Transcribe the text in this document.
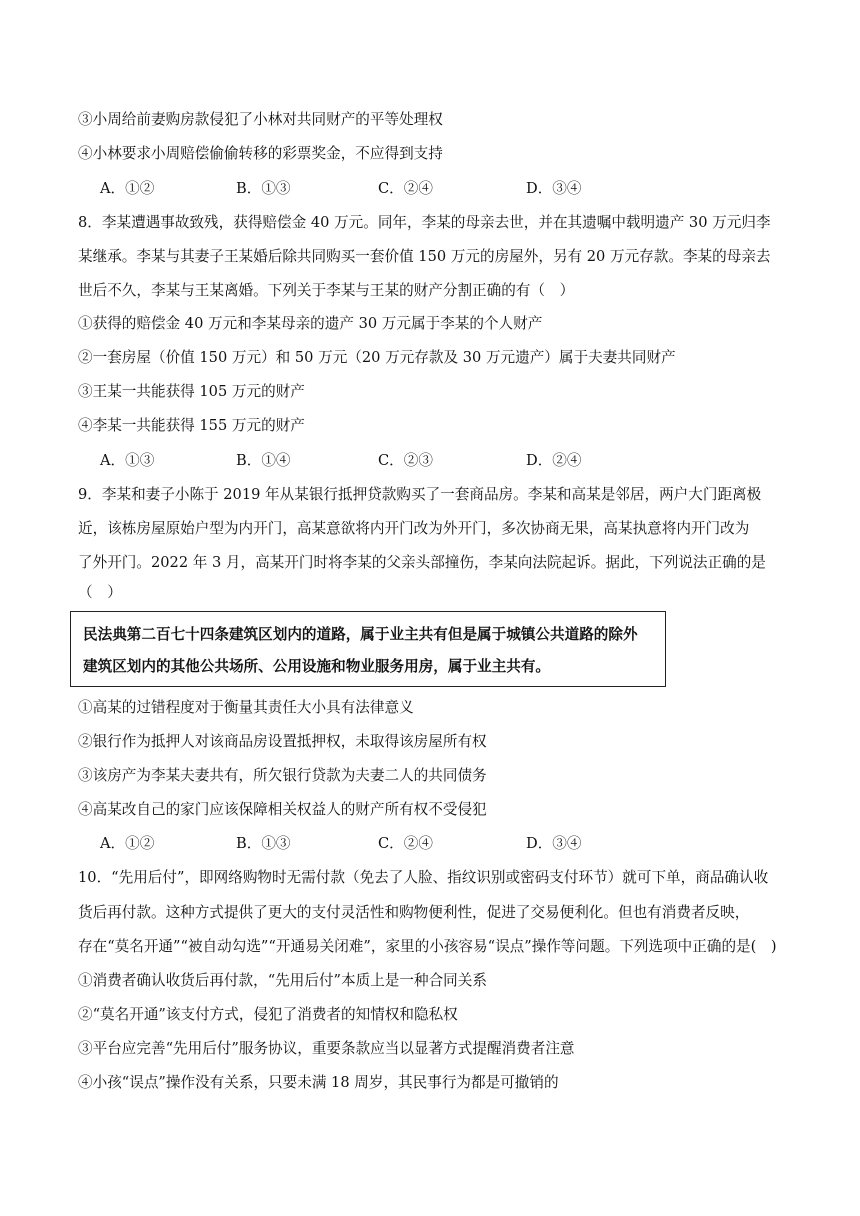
③小周给前妻购房款侵犯了小林对共同财产的平等处理权
④小林要求小周赔偿偷偷转移的彩票奖金，不应得到支持
A．①②	B．①③	C．②④	D．③④
8．李某遭遇事故致残，获得赔偿金 40 万元。同年，李某的母亲去世，并在其遗嘱中载明遗产 30 万元归李
某继承。李某与其妻子王某婚后除共同购买一套价值 150 万元的房屋外，另有 20 万元存款。李某的母亲去
世后不久，李某与王某离婚。下列关于李某与王某的财产分割正确的有（　）
①获得的赔偿金 40 万元和李某母亲的遗产 30 万元属于李某的个人财产
②一套房屋（价值 150 万元）和 50 万元（20 万元存款及 30 万元遗产）属于夫妻共同财产
③王某一共能获得 105 万元的财产
④李某一共能获得 155 万元的财产
A．①③	B．①④	C．②③	D．②④
9．李某和妻子小陈于 2019 年从某银行抵押贷款购买了一套商品房。李某和高某是邻居，两户大门距离极
近，该栋房屋原始户型为内开门，高某意欲将内开门改为外开门，多次协商无果，高某执意将内开门改为
了外开门。2022 年 3 月，高某开门时将李某的父亲头部撞伤，李某向法院起诉。据此，下列说法正确的是
（　）
民法典第二百七十四条建筑区划内的道路，属于业主共有但是属于城镇公共道路的除外
建筑区划内的其他公共场所、公用设施和物业服务用房，属于业主共有。
①高某的过错程度对于衡量其责任大小具有法律意义
②银行作为抵押人对该商品房设置抵押权，未取得该房屋所有权
③该房产为李某夫妻共有，所欠银行贷款为夫妻二人的共同债务
④高某改自己的家门应该保障相关权益人的财产所有权不受侵犯
A．①②	B．①③	C．②④	D．③④
10．“先用后付”，即网络购物时无需付款（免去了人脸、指纹识别或密码支付环节）就可下单，商品确认收
货后再付款。这种方式提供了更大的支付灵活性和购物便利性，促进了交易便利化。但也有消费者反映，
存在“莫名开通”“被自动勾选”“开通易关闭难”，家里的小孩容易“误点”操作等问题。下列选项中正确的是(　)
①消费者确认收货后再付款，“先用后付”本质上是一种合同关系
②“莫名开通”该支付方式，侵犯了消费者的知情权和隐私权
③平台应完善“先用后付”服务协议，重要条款应当以显著方式提醒消费者注意
④小孩“误点”操作没有关系，只要未满 18 周岁，其民事行为都是可撤销的
